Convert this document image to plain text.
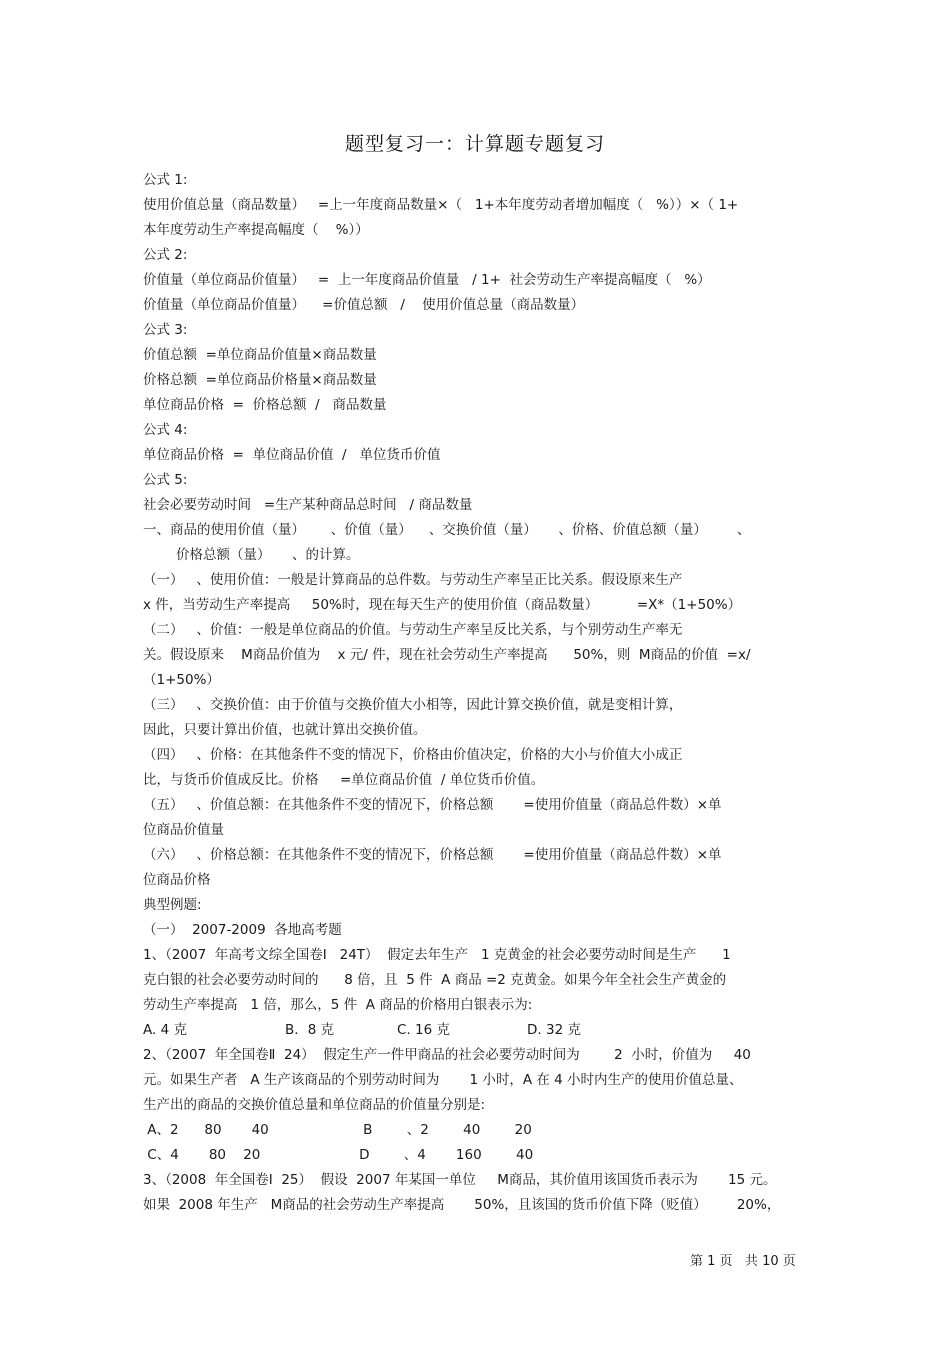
题型复习一：计算题专题复习
公式 1:
使用价值总量（商品数量）   =上一年度商品数量×（   1+本年度劳动者增加幅度（   %））×（ 1+
本年度劳动生产率提高幅度（    %））
公式 2:
价值量（单位商品价值量）   =  上一年度商品价值量   / 1+  社会劳动生产率提高幅度（   %）
价值量（单位商品价值量）    =价值总额   /    使用价值总量（商品数量）
公式 3:
价值总额  =单位商品价值量×商品数量
价格总额  =单位商品价格量×商品数量
单位商品价格  =  价格总额  /   商品数量
公式 4:
单位商品价格  =  单位商品价值  /   单位货币价值
公式 5:
社会必要劳动时间   =生产某种商品总时间   / 商品数量
一、商品的使用价值（量）      、价值（量）    、交换价值（量）     、价格、价值总额（量）       、
价格总额（量）     、的计算。
（一）   、使用价值：一般是计算商品的总件数。与劳动生产率呈正比关系。假设原来生产
x 件，当劳动生产率提高     50%时，现在每天生产的使用价值（商品数量）         =X*（1+50%）
（二）   、价值：一般是单位商品的价值。与劳动生产率呈反比关系，与个别劳动生产率无
关。假设原来    M商品价值为    x 元/ 件，现在社会劳动生产率提高      50%，则  M商品的价值  =x/
（1+50%）
（三）   、交换价值：由于价值与交换价值大小相等，因此计算交换价值，就是变相计算，
因此，只要计算出价值，也就计算出交换价值。
（四）   、价格：在其他条件不变的情况下，价格由价值决定，价格的大小与价值大小成正
比，与货币价值成反比。价格     =单位商品价值  / 单位货币价值。
（五）   、价值总额：在其他条件不变的情况下，价格总额       =使用价值量（商品总件数）×单
位商品价值量
（六）   、价格总额：在其他条件不变的情况下，价格总额       =使用价值量（商品总件数）×单
位商品价格
典型例题:
（一）  2007-2009  各地高考题
1、（2007  年高考文综全国卷Ⅰ   24T）  假定去年生产   1 克黄金的社会必要劳动时间是生产      1
克白银的社会必要劳动时间的      8 倍，且  5 件  A 商品 =2 克黄金。如果今年全社会生产黄金的
劳动生产率提高   1 倍，那么，5 件  A 商品的价格用白银表示为:
A. 4 克	B．8 克	C. 16 克	D. 32 克
2、（2007  年全国卷Ⅱ  24）  假定生产一件甲商品的社会必要劳动时间为        2  小时，价值为     40
元。如果生产者   A 生产该商品的个别劳动时间为       1 小时，A 在 4 小时内生产的使用价值总量、
生产出的商品的交换价值总量和单位商品的价值量分别是:
A、2      80       40                      B        、2        40        20
C、4       80    20                       D        、4       160        40
3、（2008  年全国卷Ⅰ  25）  假设  2007 年某国一单位     M商品，其价值用该国货币表示为       15 元。
如果  2008 年生产   M商品的社会劳动生产率提高       50%，且该国的货币价值下降（贬值）       20%，
第 1 页   共 10 页
